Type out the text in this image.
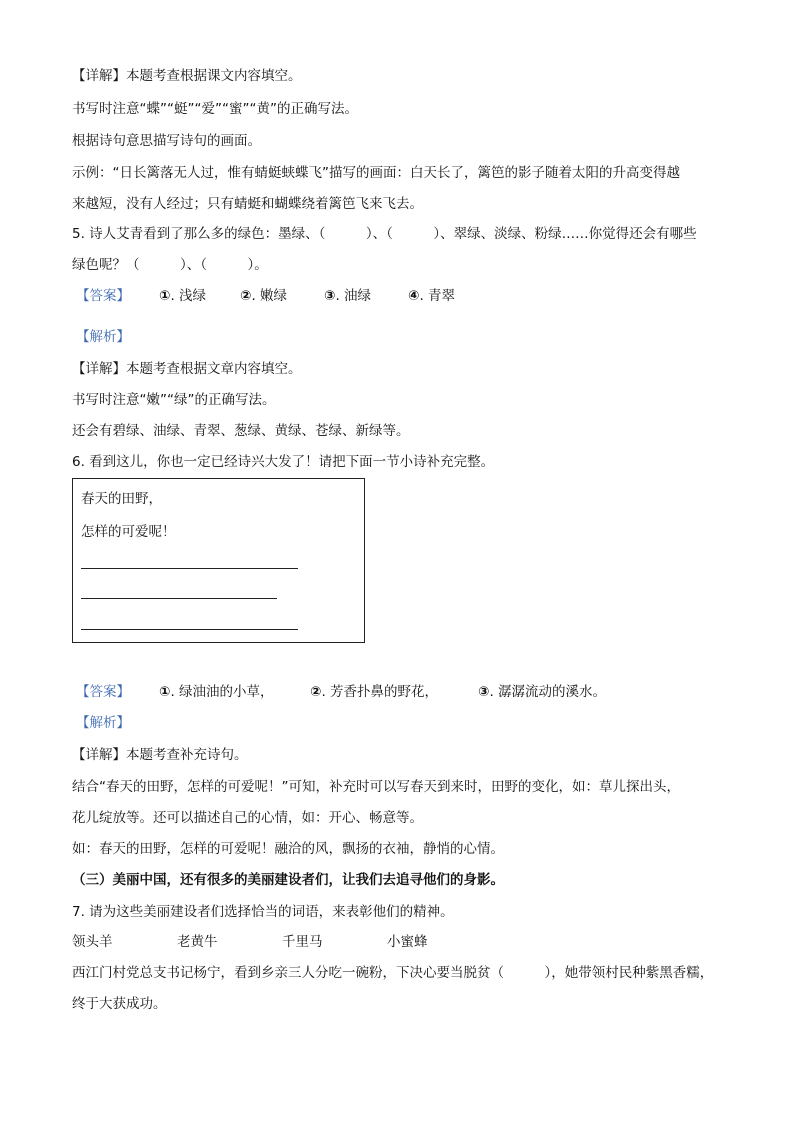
【详解】本题考查根据课文内容填空。
书写时注意“蝶”“蜓”“爱”“蜜”“黄”的正确写法。
根据诗句意思描写诗句的画面。
示例：“日长篱落无人过，惟有蜻蜓蛱蝶飞”描写的画面：白天长了，篱笆的影子随着太阳的升高变得越
来越短，没有人经过；只有蜻蜓和蝴蝶绕着篱笆飞来飞去。
5. 诗人艾青看到了那么多的绿色：墨绿、（　　　）、（　　　）、翠绿、淡绿、粉绿……你觉得还会有哪些
绿色呢？（　　　）、（　　　）。
【答案】 ①. 浅绿	②. 嫩绿	③. 油绿	④. 青翠
【解析】
【详解】本题考查根据文章内容填空。
书写时注意“嫩”“绿”的正确写法。
还会有碧绿、油绿、青翠、葱绿、黄绿、苍绿、新绿等。
6. 看到这儿，你也一定已经诗兴大发了！请把下面一节小诗补充完整。
春天的田野，
怎样的可爱呢！
【答案】 ①. 绿油油的小草，	②. 芳香扑鼻的野花，	③. 潺潺流动的溪水。
【解析】
【详解】本题考查补充诗句。
结合“春天的田野，怎样的可爱呢！”可知，补充时可以写春天到来时，田野的变化，如：草儿探出头，
花儿绽放等。还可以描述自己的心情，如：开心、畅意等。
如：春天的田野，怎样的可爱呢！融洽的风，飘扬的衣袖，静悄的心情。
（三）美丽中国，还有很多的美丽建设者们，让我们去追寻他们的身影。
7. 请为这些美丽建设者们选择恰当的词语，来表彰他们的精神。
领头羊	老黄牛	千里马	小蜜蜂
西江门村党总支书记杨宁，看到乡亲三人分吃一碗粉，下决心要当脱贫（　　　），她带领村民种紫黑香糯，
终于大获成功。
